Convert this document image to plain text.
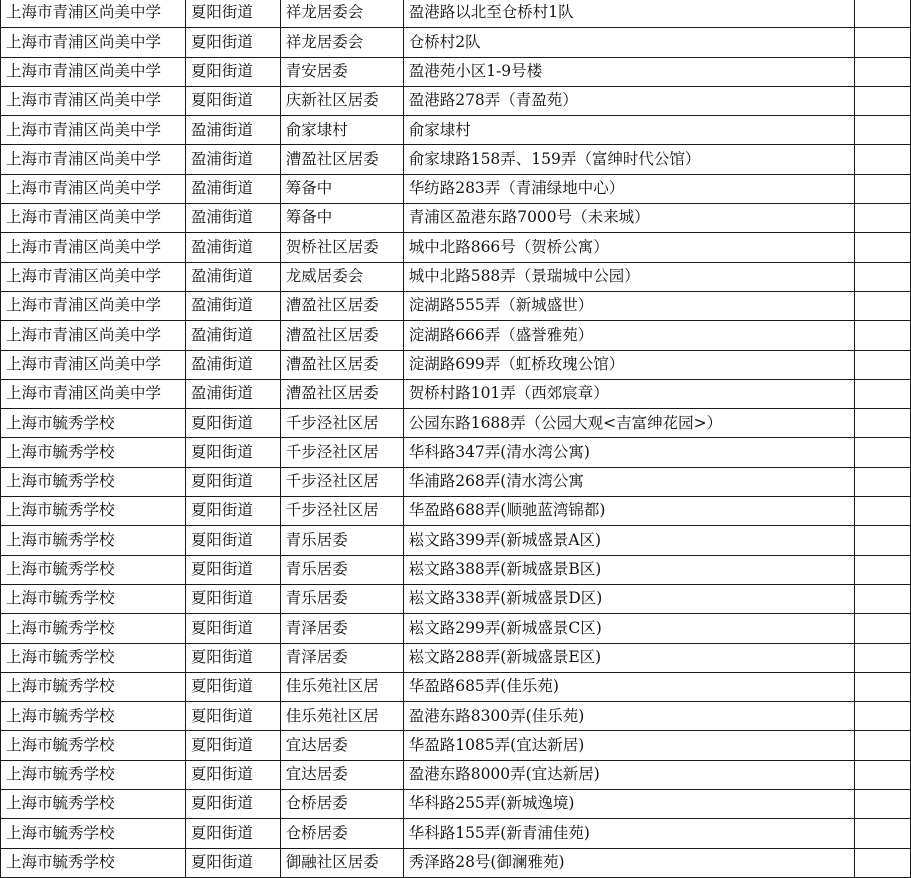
上海市青浦区尚美中学	夏阳街道	祥龙居委会	盈港路以北至仓桥村1队	
上海市青浦区尚美中学	夏阳街道	祥龙居委会	仓桥村2队	
上海市青浦区尚美中学	夏阳街道	青安居委	盈港苑小区1-9号楼	
上海市青浦区尚美中学	夏阳街道	庆新社区居委	盈港路278弄（青盈苑）	
上海市青浦区尚美中学	盈浦街道	俞家埭村	俞家埭村	
上海市青浦区尚美中学	盈浦街道	漕盈社区居委	俞家埭路158弄、159弄（富绅时代公馆）	
上海市青浦区尚美中学	盈浦街道	筹备中	华纺路283弄（青浦绿地中心）	
上海市青浦区尚美中学	盈浦街道	筹备中	青浦区盈港东路7000号（未来城）	
上海市青浦区尚美中学	盈浦街道	贺桥社区居委	城中北路866号（贺桥公寓）	
上海市青浦区尚美中学	盈浦街道	龙威居委会	城中北路588弄（景瑞城中公园）	
上海市青浦区尚美中学	盈浦街道	漕盈社区居委	淀湖路555弄（新城盛世）	
上海市青浦区尚美中学	盈浦街道	漕盈社区居委	淀湖路666弄（盛誉雅苑）	
上海市青浦区尚美中学	盈浦街道	漕盈社区居委	淀湖路699弄（虹桥玫瑰公馆）	
上海市青浦区尚美中学	盈浦街道	漕盈社区居委	贺桥村路101弄（西郊宸章）	
上海市毓秀学校	夏阳街道	千步泾社区居	公园东路1688弄（公园大观<吉富绅花园>）	
上海市毓秀学校	夏阳街道	千步泾社区居	华科路347弄(清水湾公寓)	
上海市毓秀学校	夏阳街道	千步泾社区居	华浦路268弄(清水湾公寓	
上海市毓秀学校	夏阳街道	千步泾社区居	华盈路688弄(顺驰蓝湾锦都)	
上海市毓秀学校	夏阳街道	青乐居委	崧文路399弄(新城盛景A区)	
上海市毓秀学校	夏阳街道	青乐居委	崧文路388弄(新城盛景B区)	
上海市毓秀学校	夏阳街道	青乐居委	崧文路338弄(新城盛景D区)	
上海市毓秀学校	夏阳街道	青泽居委	崧文路299弄(新城盛景C区)	
上海市毓秀学校	夏阳街道	青泽居委	崧文路288弄(新城盛景E区)	
上海市毓秀学校	夏阳街道	佳乐苑社区居	华盈路685弄(佳乐苑)	
上海市毓秀学校	夏阳街道	佳乐苑社区居	盈港东路8300弄(佳乐苑)	
上海市毓秀学校	夏阳街道	宜达居委	华盈路1085弄(宜达新居)	
上海市毓秀学校	夏阳街道	宜达居委	盈港东路8000弄(宜达新居)	
上海市毓秀学校	夏阳街道	仓桥居委	华科路255弄(新城逸境)	
上海市毓秀学校	夏阳街道	仓桥居委	华科路155弄(新青浦佳苑)	
上海市毓秀学校	夏阳街道	御融社区居委	秀泽路28号(御澜雅苑)	
